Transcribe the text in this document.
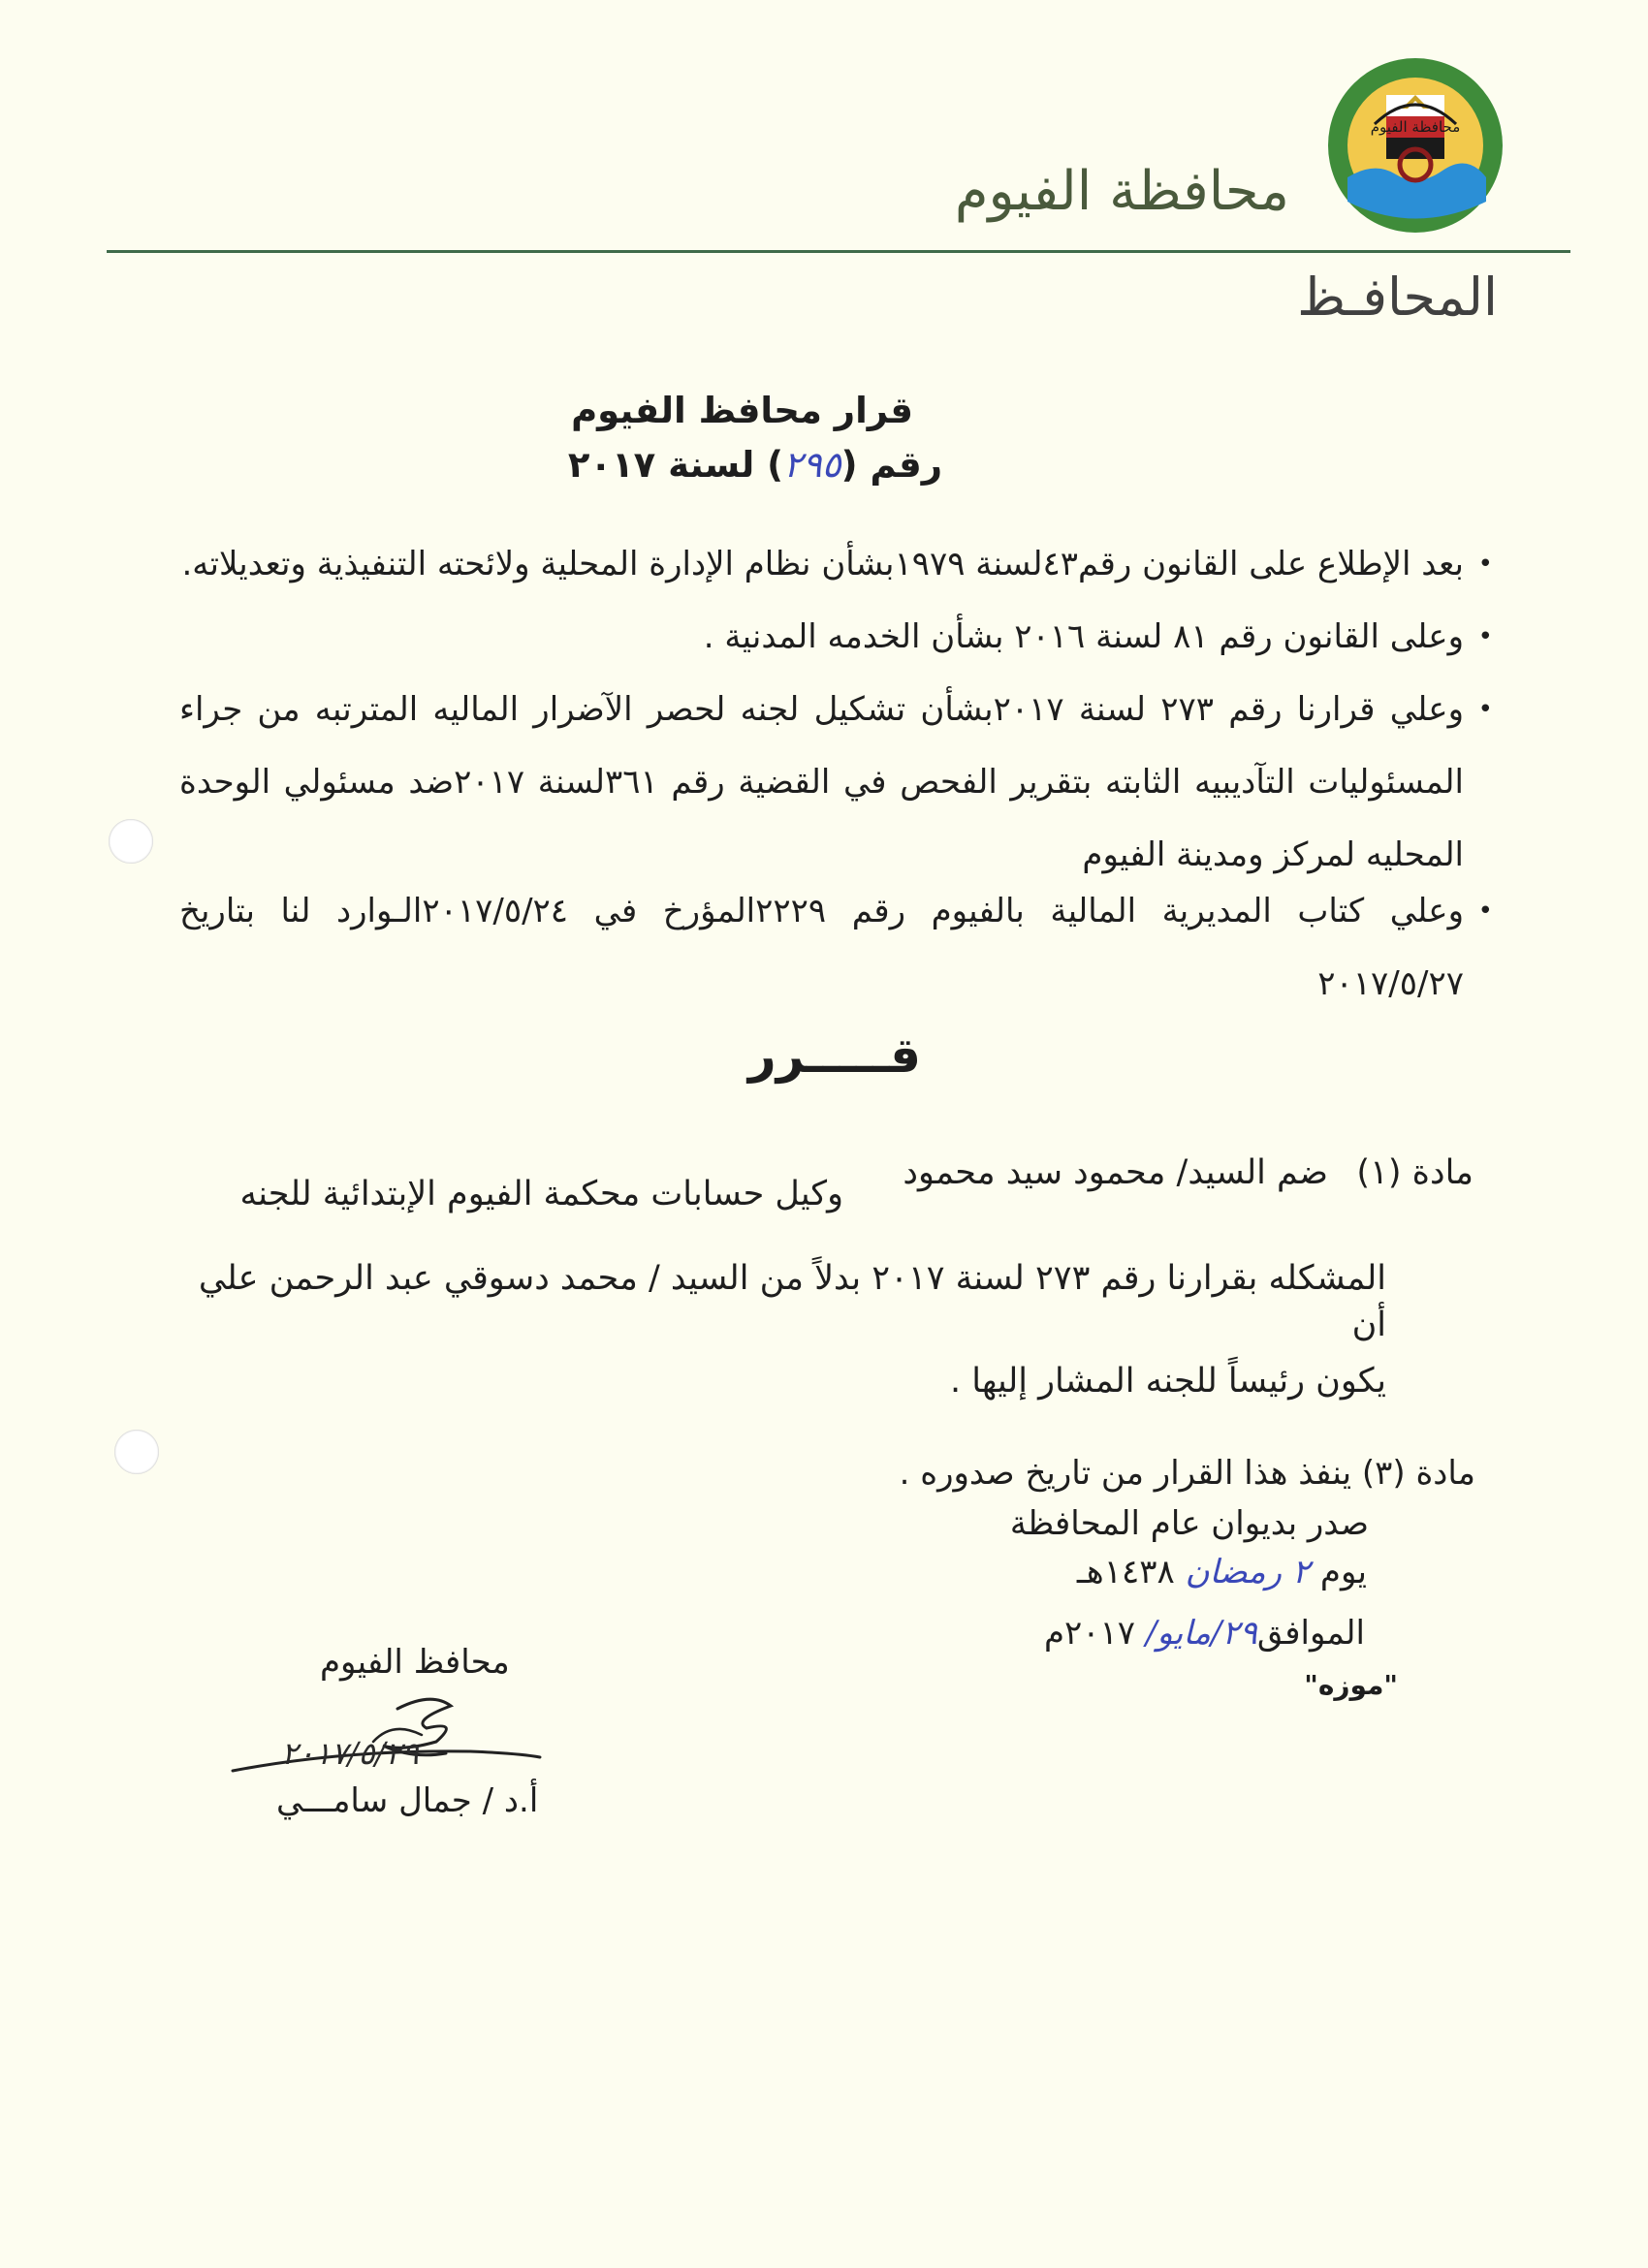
محافظة الفيوم
محافظة الفيوم
المحافـظ
قرار محافظ الفيوم
رقم (٢٩٥) لسنة ٢٠١٧
• بعد الإطلاع على القانون رقم٤٣لسنة ١٩٧٩بشأن نظام الإدارة المحلية ولائحته التنفيذية وتعديلاته.
• وعلى القانون رقم ٨١ لسنة ٢٠١٦ بشأن الخدمه المدنية .
• وعلي قرارنا رقم ٢٧٣ لسنة ٢٠١٧بشأن تشكيل لجنه لحصر الآضرار الماليه المترتبه من جراء المسئوليات التآديبيه الثابته بتقرير الفحص في القضية رقم ٣٦١لسنة ٢٠١٧ضد مسئولي الوحدة المحليه لمركز ومدينة الفيوم
• وعلي كتاب المديرية المالية بالفيوم رقم ٢٢٢٩المؤرخ في ٢٠١٧/٥/٢٤الـوارد لنا بتاريخ ٢٠١٧/٥/٢٧
قـــــرر
مادة (١)
ضم السيد/ محمود سيد محمود
وكيل حسابات محكمة الفيوم الإبتدائية للجنه
المشكله بقرارنا رقم ٢٧٣ لسنة ٢٠١٧ بدلاً من السيد / محمد دسوقي عبد الرحمن علي أن
يكون رئيساً للجنه المشار إليها .
مادة (٣) ينفذ هذا القرار من تاريخ صدوره .
صدر بديوان عام المحافظة
يوم ٢ رمضان ١٤٣٨هـ
الموافق٢٩/مايو/ ٢٠١٧م
"موزه"
محافظ الفيوم
٢٠١٧/٥/٢٩
أ.د / جمال سامـــي
